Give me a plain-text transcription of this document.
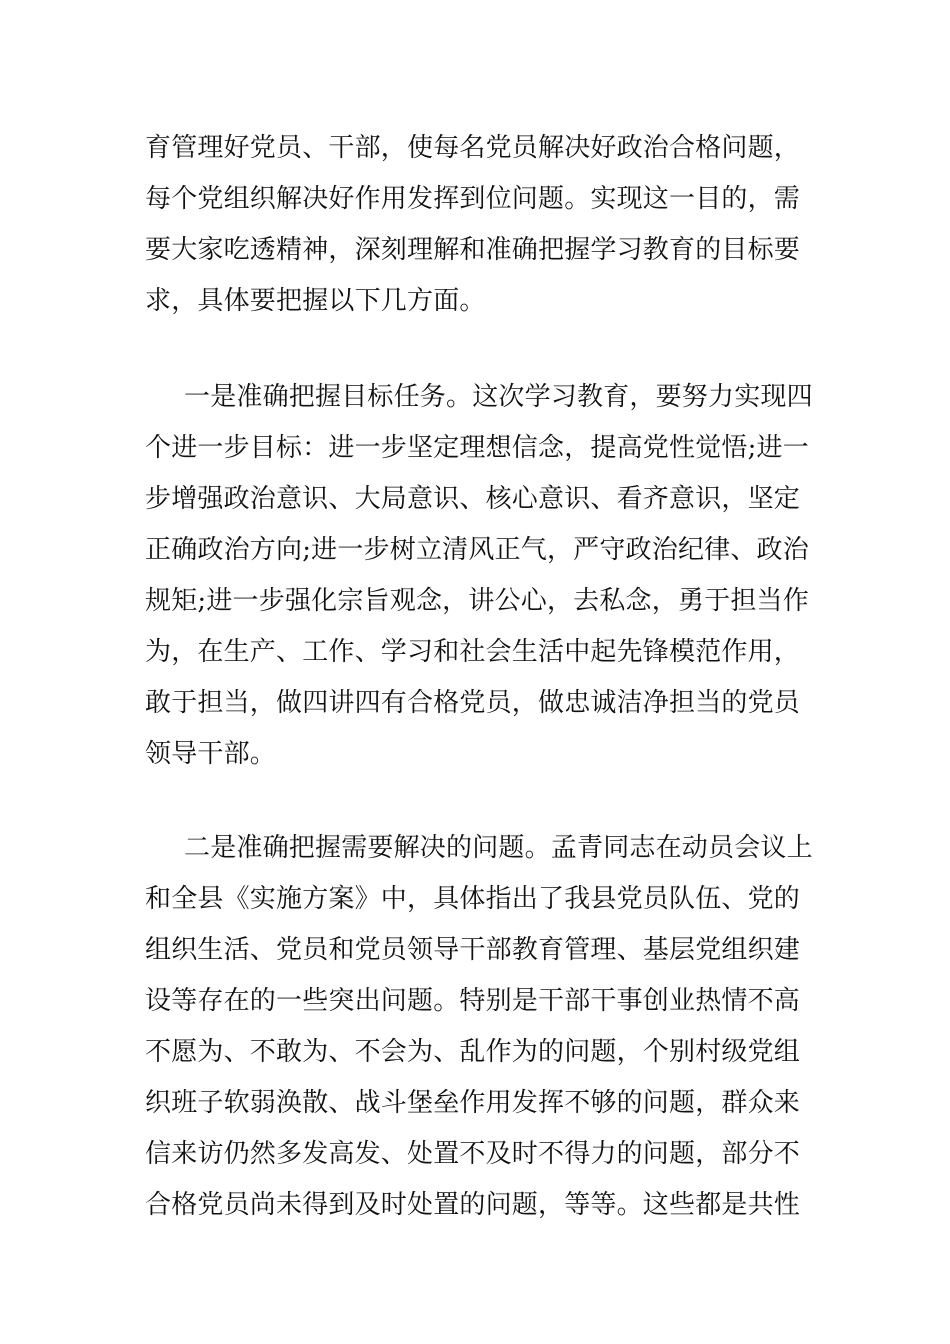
育管理好党员、干部，使每名党员解决好政治合格问题，
每个党组织解决好作用发挥到位问题。实现这一目的，需
要大家吃透精神，深刻理解和准确把握学习教育的目标要
求，具体要把握以下几方面。
一是准确把握目标任务。这次学习教育，要努力实现四
个进一步目标：进一步坚定理想信念，提高党性觉悟;进一
步增强政治意识、大局意识、核心意识、看齐意识，坚定
正确政治方向;进一步树立清风正气，严守政治纪律、政治
规矩;进一步强化宗旨观念，讲公心，去私念，勇于担当作
为，在生产、工作、学习和社会生活中起先锋模范作用，
敢于担当，做四讲四有合格党员，做忠诚洁净担当的党员
领导干部。
二是准确把握需要解决的问题。孟青同志在动员会议上
和全县《实施方案》中，具体指出了我县党员队伍、党的
组织生活、党员和党员领导干部教育管理、基层党组织建
设等存在的一些突出问题。特别是干部干事创业热情不高
不愿为、不敢为、不会为、乱作为的问题，个别村级党组
织班子软弱涣散、战斗堡垒作用发挥不够的问题，群众来
信来访仍然多发高发、处置不及时不得力的问题，部分不
合格党员尚未得到及时处置的问题，等等。这些都是共性
